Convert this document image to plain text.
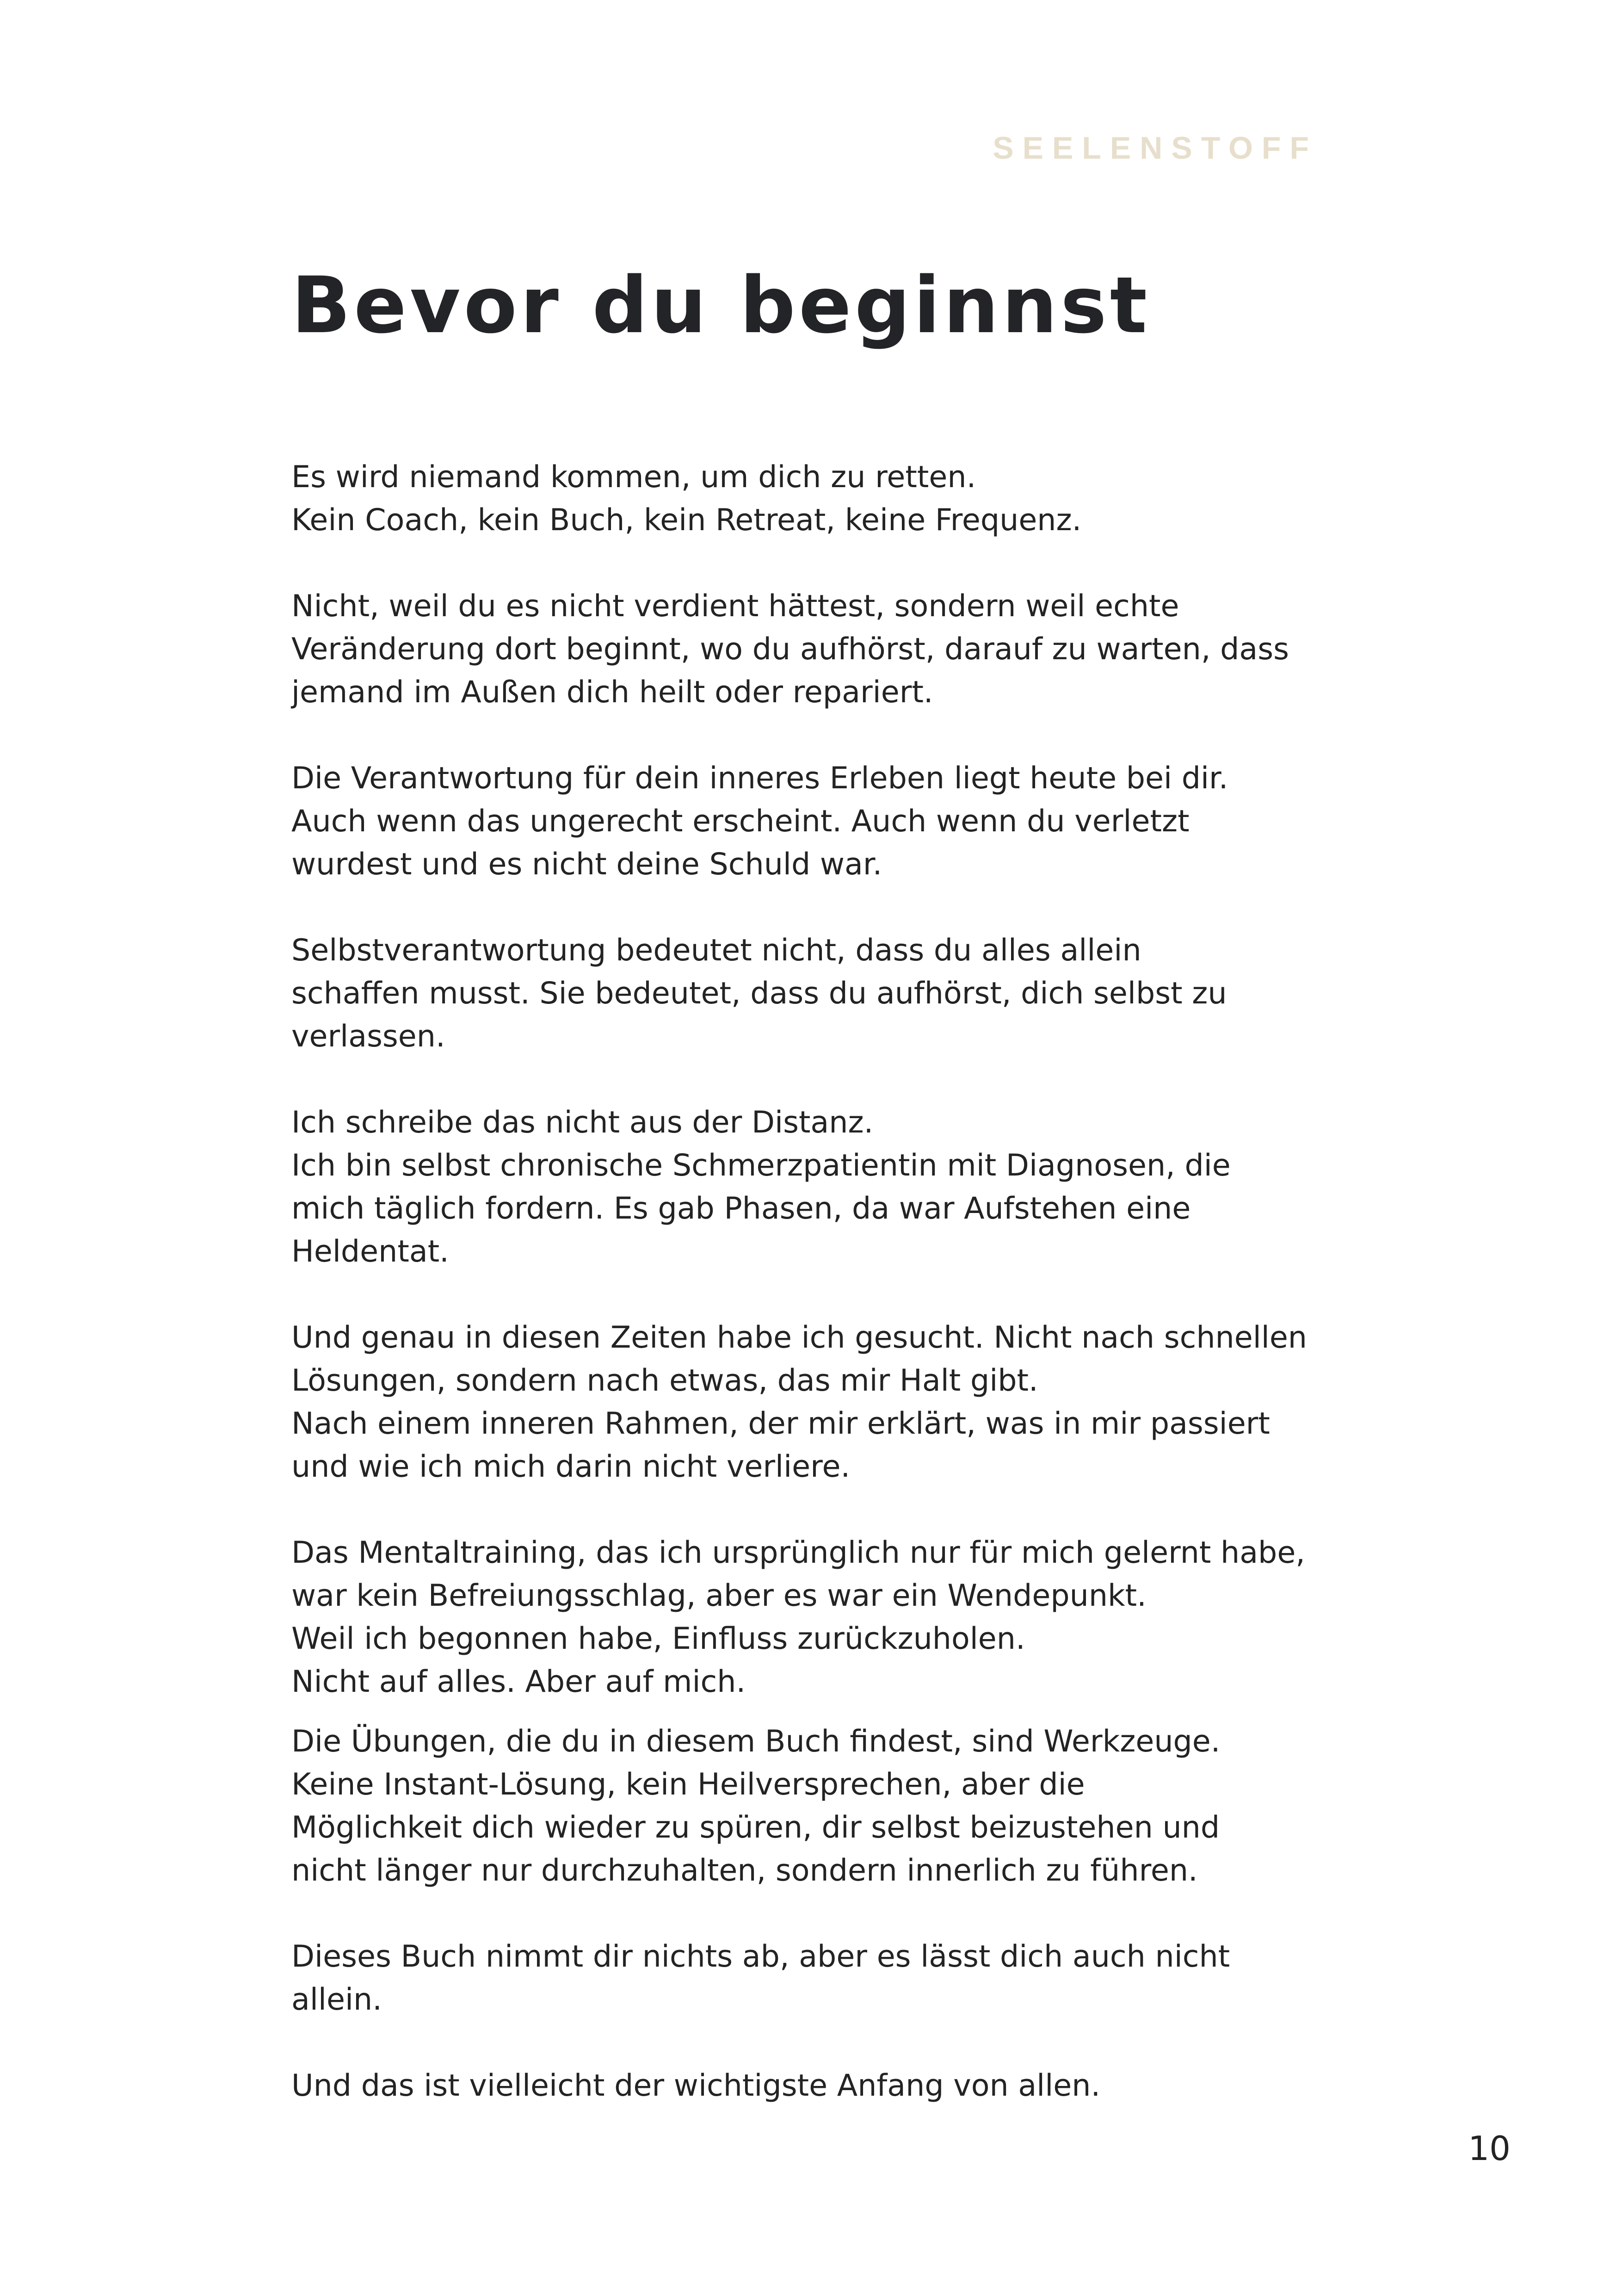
SEELENSTOFF
Bevor du beginnst

Es wird niemand kommen, um dich zu retten.
Kein Coach, kein Buch, kein Retreat, keine Frequenz.

Nicht, weil du es nicht verdient hättest, sondern weil echte
Veränderung dort beginnt, wo du aufhörst, darauf zu warten, dass
jemand im Außen dich heilt oder repariert.

Die Verantwortung für dein inneres Erleben liegt heute bei dir.
Auch wenn das ungerecht erscheint. Auch wenn du verletzt
wurdest und es nicht deine Schuld war.

Selbstverantwortung bedeutet nicht, dass du alles allein
schaffen musst. Sie bedeutet, dass du aufhörst, dich selbst zu
verlassen.

Ich schreibe das nicht aus der Distanz.
Ich bin selbst chronische Schmerzpatientin mit Diagnosen, die
mich täglich fordern. Es gab Phasen, da war Aufstehen eine
Heldentat.

Und genau in diesen Zeiten habe ich gesucht. Nicht nach schnellen
Lösungen, sondern nach etwas, das mir Halt gibt.
Nach einem inneren Rahmen, der mir erklärt, was in mir passiert
und wie ich mich darin nicht verliere.

Das Mentaltraining, das ich ursprünglich nur für mich gelernt habe,
war kein Befreiungsschlag, aber es war ein Wendepunkt.
Weil ich begonnen habe, Einfluss zurückzuholen.
Nicht auf alles. Aber auf mich.

Die Übungen, die du in diesem Buch findest, sind Werkzeuge.
Keine Instant-Lösung, kein Heilversprechen, aber die
Möglichkeit dich wieder zu spüren, dir selbst beizustehen und
nicht länger nur durchzuhalten, sondern innerlich zu führen.

Dieses Buch nimmt dir nichts ab, aber es lässt dich auch nicht
allein.

Und das ist vielleicht der wichtigste Anfang von allen.

10
